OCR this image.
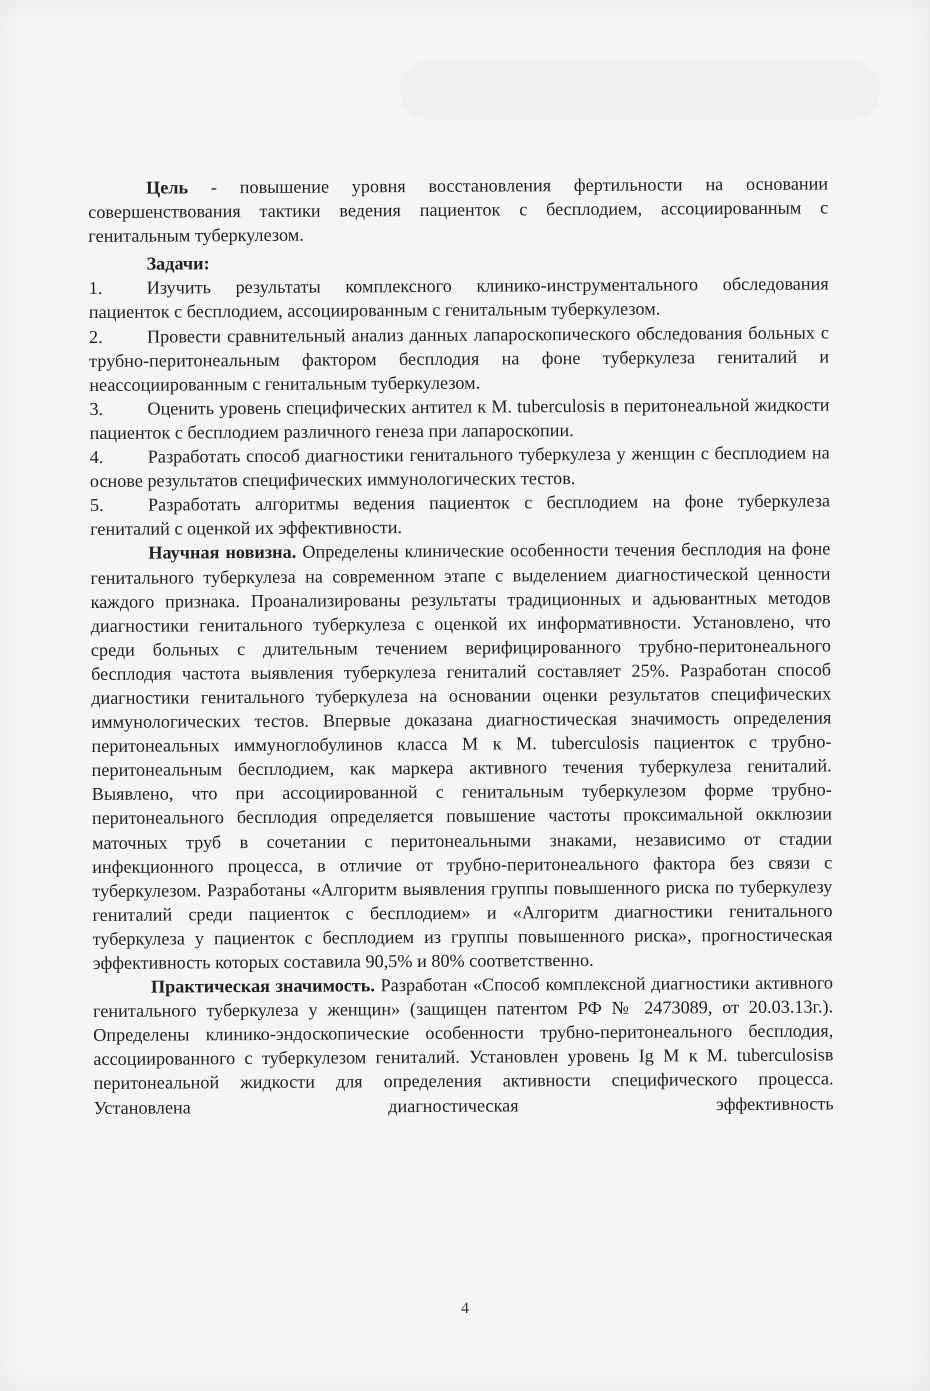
Цель - повышение уровня восстановления фертильности на основании совершенствования тактики ведения пациенток с бесплодием, ассоциированным с генитальным туберкулезом.

Задачи:

1. Изучить результаты комплексного клинико-инструментального обследования пациенток с бесплодием, ассоциированным с генитальным туберкулезом.

2. Провести сравнительный анализ данных лапароскопического обследования больных с трубно-перитонеальным фактором бесплодия на фоне туберкулеза гениталий и неассоциированным с генитальным туберкулезом.

3. Оценить уровень специфических антител к M. tuberculosis в перитонеальной жидкости пациенток с бесплодием различного генеза при лапароскопии.

4. Разработать способ диагностики генитального туберкулеза у женщин с бесплодием на основе результатов специфических иммунологических тестов.

5. Разработать алгоритмы ведения пациенток с бесплодием на фоне туберкулеза гениталий с оценкой их эффективности.

Научная новизна. Определены клинические особенности течения бесплодия на фоне генитального туберкулеза на современном этапе с выделением диагностической ценности каждого признака. Проанализированы результаты традиционных и адьювантных методов диагностики генитального туберкулеза с оценкой их информативности. Установлено, что среди больных с длительным течением верифицированного трубно-перитонеального бесплодия частота выявления туберкулеза гениталий составляет 25%. Разработан способ диагностики генитального туберкулеза на основании оценки результатов специфических иммунологических тестов. Впервые доказана диагностическая значимость определения перитонеальных иммуноглобулинов класса M к M. tuberculosis пациенток с трубно-перитонеальным бесплодием, как маркера активного течения туберкулеза гениталий. Выявлено, что при ассоциированной с генитальным туберкулезом форме трубно-перитонеального бесплодия определяется повышение частоты проксимальной окклюзии маточных труб в сочетании с перитонеальными знаками, независимо от стадии инфекционного процесса, в отличие от трубно-перитонеального фактора без связи с туберкулезом. Разработаны «Алгоритм выявления группы повышенного риска по туберкулезу гениталий среди пациенток с бесплодием» и «Алгоритм диагностики генитального туберкулеза у пациенток с бесплодием из группы повышенного риска», прогностическая эффективность которых составила 90,5% и 80% соответственно.

Практическая значимость. Разработан «Способ комплексной диагностики активного генитального туберкулеза у женщин» (защищен патентом РФ № 2473089, от 20.03.13г.). Определены клинико-эндоскопические особенности трубно-перитонеального бесплодия, ассоциированного с туберкулезом гениталий. Установлен уровень Ig M к M. tuberculosisв перитонеальной жидкости для определения активности специфического процесса. Установлена диагностическая эффективность

4
